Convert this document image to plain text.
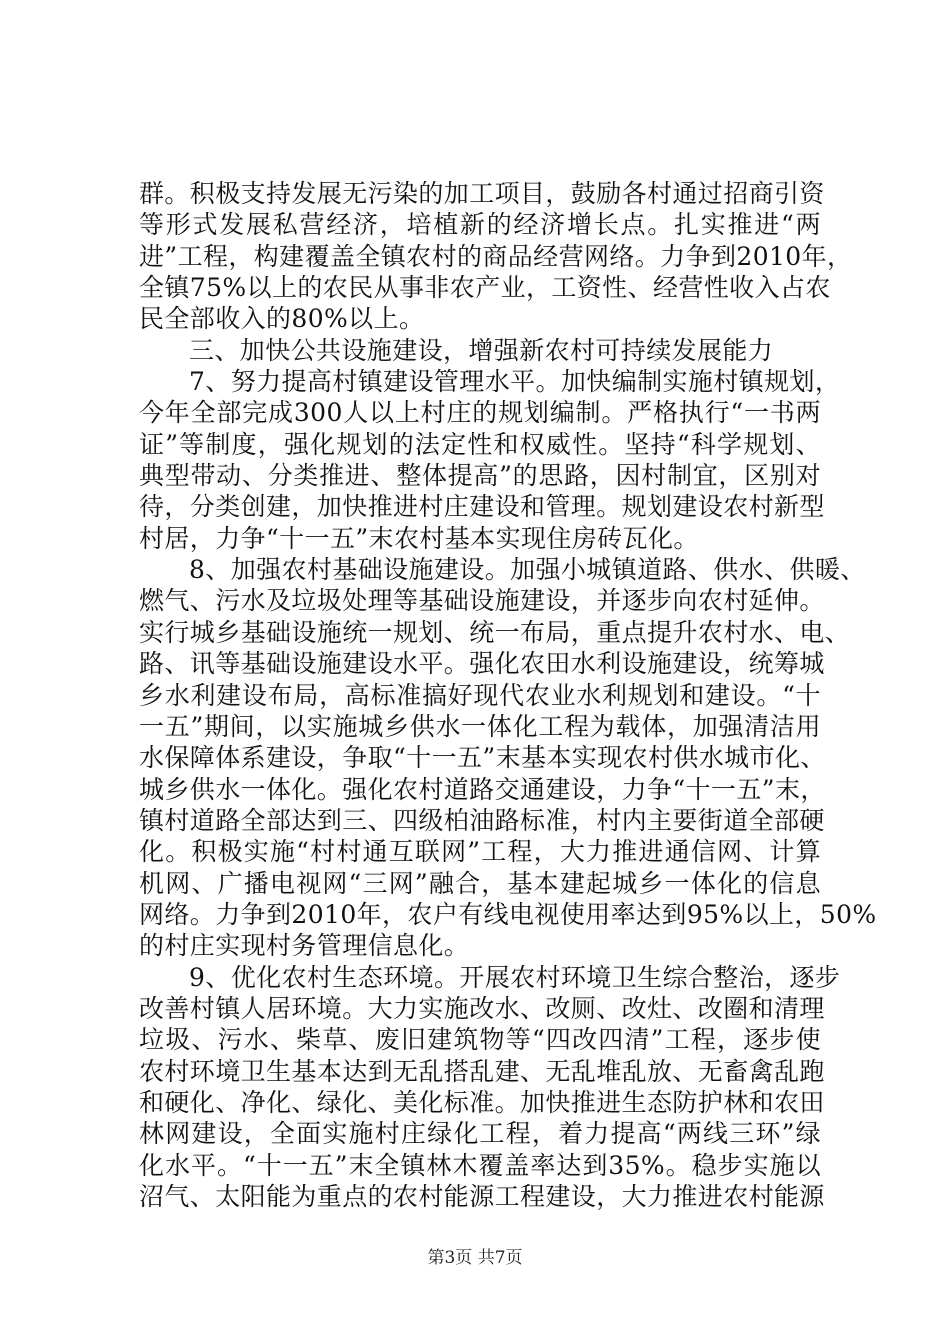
群。积极支持发展无污染的加工项目，鼓励各村通过招商引资
等形式发展私营经济，培植新的经济增长点。扎实推进“两
进”工程，构建覆盖全镇农村的商品经营网络。力争到2010年，
全镇75%以上的农民从事非农产业，工资性、经营性收入占农
民全部收入的80%以上。
三、加快公共设施建设，增强新农村可持续发展能力
7、努力提高村镇建设管理水平。加快编制实施村镇规划，
今年全部完成300人以上村庄的规划编制。严格执行“一书两
证”等制度，强化规划的法定性和权威性。坚持“科学规划、
典型带动、分类推进、整体提高”的思路，因村制宜，区别对
待，分类创建，加快推进村庄建设和管理。规划建设农村新型
村居，力争“十一五”末农村基本实现住房砖瓦化。
8、加强农村基础设施建设。加强小城镇道路、供水、供暖、
燃气、污水及垃圾处理等基础设施建设，并逐步向农村延伸。
实行城乡基础设施统一规划、统一布局，重点提升农村水、电、
路、讯等基础设施建设水平。强化农田水利设施建设，统筹城
乡水利建设布局，高标准搞好现代农业水利规划和建设。“十
一五”期间，以实施城乡供水一体化工程为载体，加强清洁用
水保障体系建设，争取“十一五”末基本实现农村供水城市化、
城乡供水一体化。强化农村道路交通建设，力争“十一五”末，
镇村道路全部达到三、四级柏油路标准，村内主要街道全部硬
化。积极实施“村村通互联网”工程，大力推进通信网、计算
机网、广播电视网“三网”融合，基本建起城乡一体化的信息
网络。力争到2010年，农户有线电视使用率达到95%以上，50%
的村庄实现村务管理信息化。
9、优化农村生态环境。开展农村环境卫生综合整治，逐步
改善村镇人居环境。大力实施改水、改厕、改灶、改圈和清理
垃圾、污水、柴草、废旧建筑物等“四改四清”工程，逐步使
农村环境卫生基本达到无乱搭乱建、无乱堆乱放、无畜禽乱跑
和硬化、净化、绿化、美化标准。加快推进生态防护林和农田
林网建设，全面实施村庄绿化工程，着力提高“两线三环”绿
化水平。“十一五”末全镇林木覆盖率达到35%。稳步实施以
沼气、太阳能为重点的农村能源工程建设，大力推进农村能源
第3页 共7页
